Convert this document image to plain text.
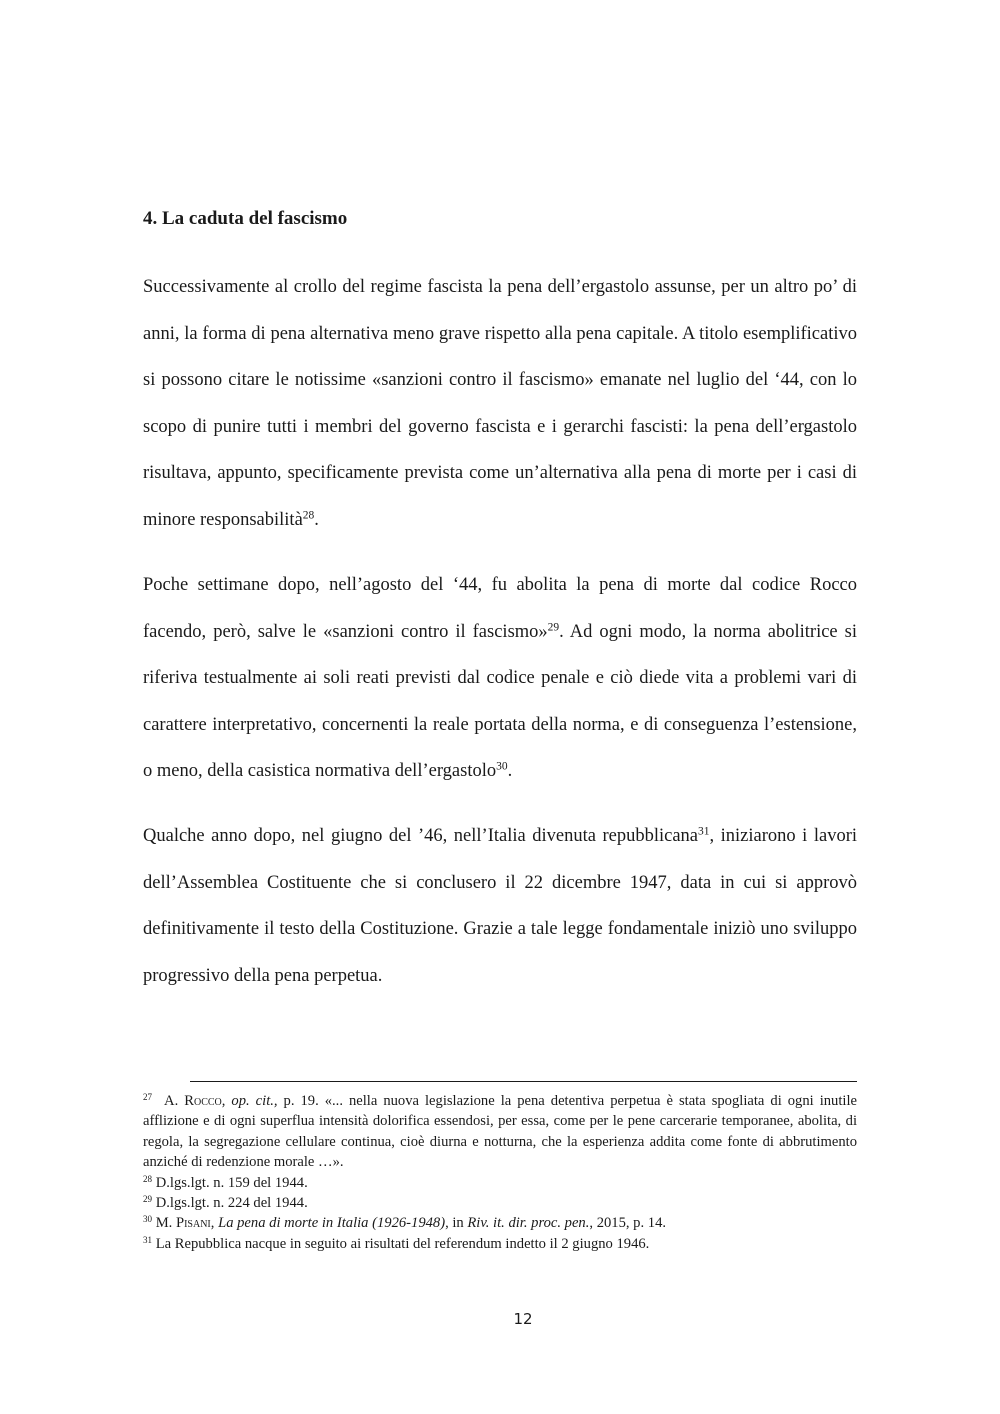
4. La caduta del fascismo

Successivamente al crollo del regime fascista la pena dell’ergastolo assunse, per un altro po’ di anni, la forma di pena alternativa meno grave rispetto alla pena capitale. A titolo esemplificativo si possono citare le notissime «sanzioni contro il fascismo» emanate nel luglio del ‘44, con lo scopo di punire tutti i membri del governo fascista e i gerarchi fascisti: la pena dell’ergastolo risultava, appunto, specificamente prevista come un’alternativa alla pena di morte per i casi di minore responsabilità$^{28}$.

Poche settimane dopo, nell’agosto del ‘44, fu abolita la pena di morte dal codice Rocco facendo, però, salve le «sanzioni contro il fascismo»$^{29}$. Ad ogni modo, la norma abolitrice si riferiva testualmente ai soli reati previsti dal codice penale e ciò diede vita a problemi vari di carattere interpretativo, concernenti la reale portata della norma, e di conseguenza l’estensione, o meno, della casistica normativa dell’ergastolo$^{30}$.

Qualche anno dopo, nel giugno del ’46, nell’Italia divenuta repubblicana$^{31}$, iniziarono i lavori dell’Assemblea Costituente che si conclusero il 22 dicembre 1947, data in cui si approvò definitivamente il testo della Costituzione. Grazie a tale legge fondamentale iniziò uno sviluppo progressivo della pena perpetua.

$^{27}$ A. Rocco, op. cit., p. 19. «... nella nuova legislazione la pena detentiva perpetua è stata spogliata di ogni inutile afflizione e di ogni superflua intensità dolorifica essendosi, per essa, come per le pene carcerarie temporanee, abolita, di regola, la segregazione cellulare continua, cioè diurna e notturna, che la esperienza addita come fonte di abbrutimento anziché di redenzione morale …».

$^{28}$ D.lgs.lgt. n. 159 del 1944.

$^{29}$ D.lgs.lgt. n. 224 del 1944.

$^{30}$ M. Pisani, La pena di morte in Italia (1926-1948), in Riv. it. dir. proc. pen., 2015, p. 14.

$^{31}$ La Repubblica nacque in seguito ai risultati del referendum indetto il 2 giugno 1946.

12
